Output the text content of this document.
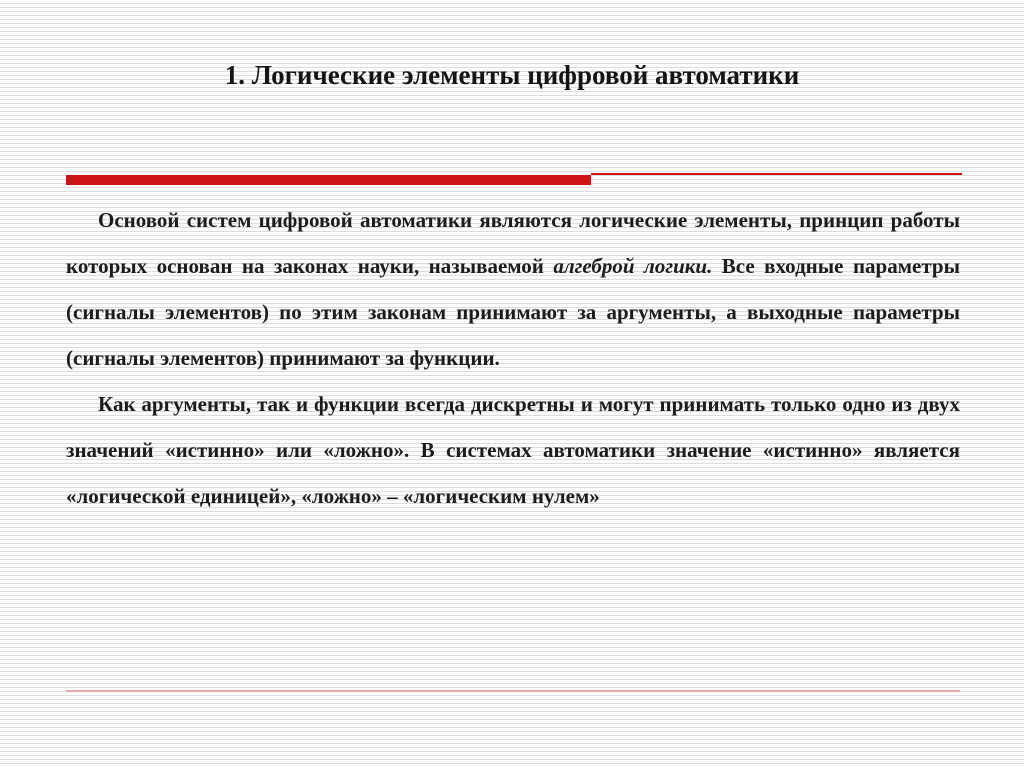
1. Логические элементы цифровой автоматики

Основой систем цифровой автоматики являются логические элементы, принцип работы которых основан на законах науки, называемой алгеброй логики. Все входные параметры (сигналы элементов) по этим законам принимают за аргументы, а выходные параметры (сигналы элементов) принимают за функции.

Как аргументы, так и функции всегда дискретны и могут принимать только одно из двух значений «истинно» или «ложно». В системах автоматики значение «истинно» является «логической единицей», «ложно» – «логическим нулем»
